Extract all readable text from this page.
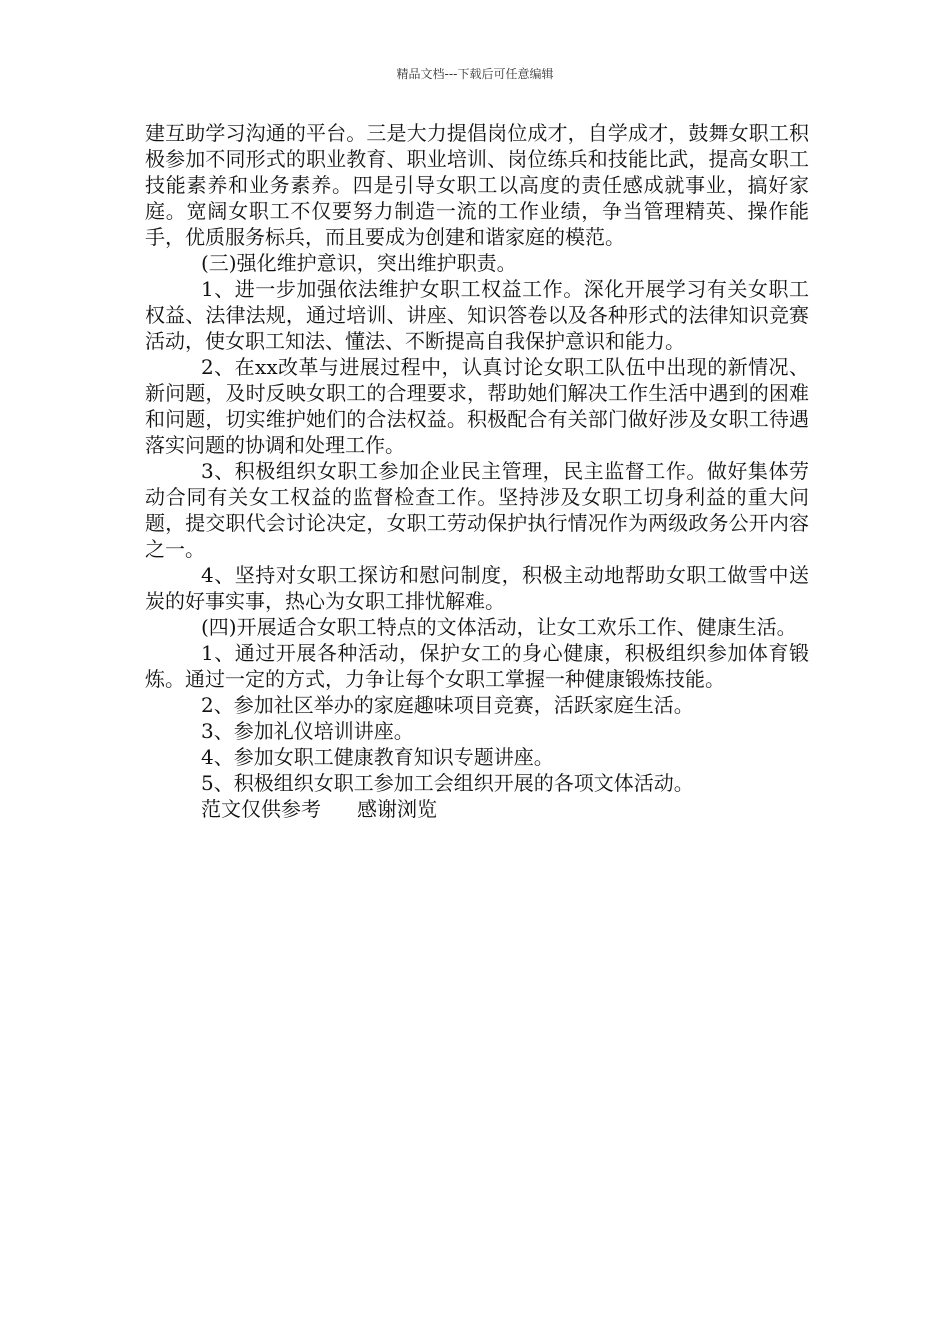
精品文档---下载后可任意编辑

建互助学习沟通的平台。三是大力提倡岗位成才，自学成才，鼓舞女职工积极参加不同形式的职业教育、职业培训、岗位练兵和技能比武，提高女职工技能素养和业务素养。四是引导女职工以高度的责任感成就事业，搞好家庭。宽阔女职工不仅要努力制造一流的工作业绩，争当管理精英、操作能手，优质服务标兵，而且要成为创建和谐家庭的模范。

(三)强化维护意识，突出维护职责。

1、进一步加强依法维护女职工权益工作。深化开展学习有关女职工权益、法律法规，通过培训、讲座、知识答卷以及各种形式的法律知识竞赛活动，使女职工知法、懂法、不断提高自我保护意识和能力。

2、在xx改革与进展过程中，认真讨论女职工队伍中出现的新情况、新问题，及时反映女职工的合理要求，帮助她们解决工作生活中遇到的困难和问题，切实维护她们的合法权益。积极配合有关部门做好涉及女职工待遇落实问题的协调和处理工作。

3、积极组织女职工参加企业民主管理，民主监督工作。做好集体劳动合同有关女工权益的监督检查工作。坚持涉及女职工切身利益的重大问题，提交职代会讨论决定，女职工劳动保护执行情况作为两级政务公开内容之一。

4、坚持对女职工探访和慰问制度，积极主动地帮助女职工做雪中送炭的好事实事，热心为女职工排忧解难。

(四)开展适合女职工特点的文体活动，让女工欢乐工作、健康生活。

1、通过开展各种活动，保护女工的身心健康，积极组织参加体育锻炼。通过一定的方式，力争让每个女职工掌握一种健康锻炼技能。

2、参加社区举办的家庭趣味项目竞赛，活跃家庭生活。

3、参加礼仪培训讲座。

4、参加女职工健康教育知识专题讲座。

5、积极组织女职工参加工会组织开展的各项文体活动。

范文仅供参考 感谢浏览
